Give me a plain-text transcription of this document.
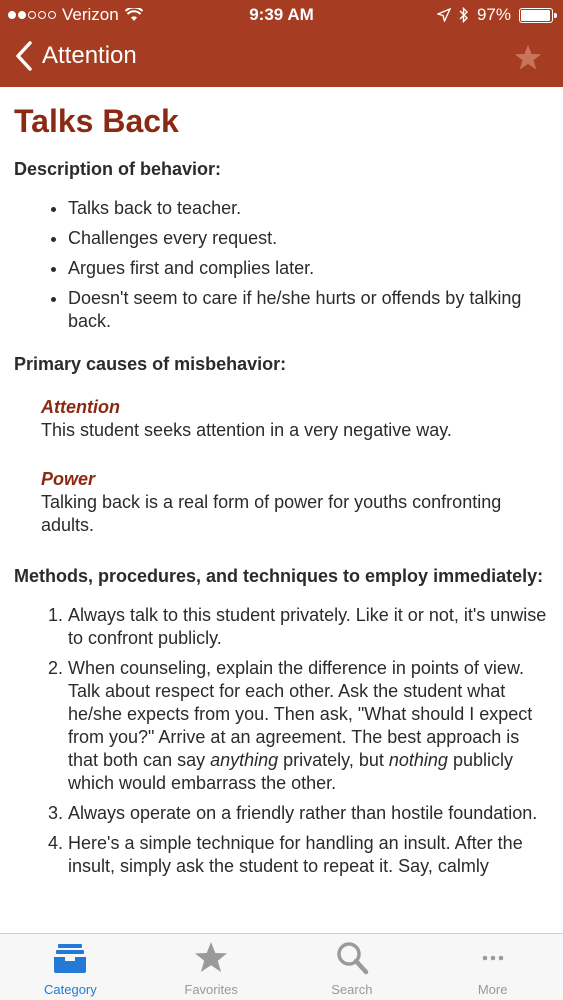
Verizon	9:39 AM	97%
Attention
Talks Back
Description of behavior:
• Talks back to teacher.
• Challenges every request.
• Argues first and complies later.
• Doesn't seem to care if he/she hurts or offends by talking back.
Primary causes of misbehavior:
Attention
This student seeks attention in a very negative way.
Power
Talking back is a real form of power for youths confronting adults.
Methods, procedures, and techniques to employ immediately:
1. Always talk to this student privately. Like it or not, it's unwise to confront publicly.
2. When counseling, explain the difference in points of view. Talk about respect for each other. Ask the student what he/she expects from you. Then ask, "What should I expect from you?" Arrive at an agreement. The best approach is that both can say anything privately, but nothing publicly which would embarrass the other.
3. Always operate on a friendly rather than hostile foundation.
4. Here's a simple technique for handling an insult. After the insult, simply ask the student to repeat it. Say, calmly
Category	Favorites	Search	More
